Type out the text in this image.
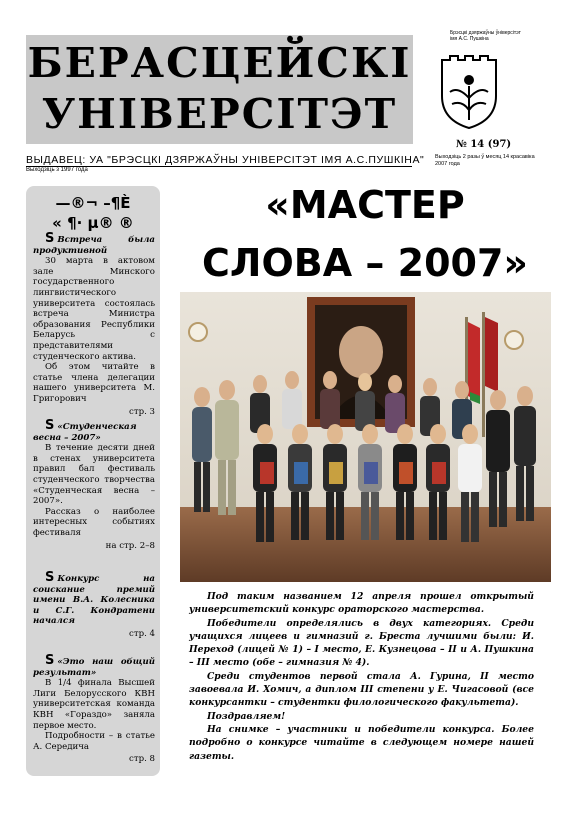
БЕРАСЦЕЙСКІ
УНІВЕРСІТЭТ
Брэсцкі дзяржаўны ўніверсітэт імя А.С. Пушкіна
№ 14 (97)
Выходзіць 2 разы ў месяц 14 красавіка 2007 года
ВЫДАВЕЦ: УА "БРЭСЦКІ ДЗЯРЖАЎНЫ УНІВЕРСІТЭТ ІМЯ А.С.ПУШКІНА"
Выходзіць з 1997 года
—®¬ –¶È
« ¶· µ® ®

S Встреча была продуктивной

30 марта в актовом зале Минского государственного лингвистического университета состоялась встреча Министра образования Республики Беларусь с представителями студенческого актива.

Об этом читайте в статье члена делегации нашего университета М. Григорович

стр. 3

S «Студенческая весна – 2007»

В течение десяти дней в стенах университета правил бал фестиваль студенческого творчества «Студенческая весна – 2007».

Рассказ о наиболее интересных событиях фестиваля

на стр. 2–8

S Конкурс на соискание премий имени В.А. Колесника и С.Г. Кондратени начался

стр. 4

S «Это наш общий результат»

В 1/4 финала Высшей Лиги Белорусского КВН университетская команда КВН «Гораздо» заняла первое место.

Подробности – в статье А. Середича

стр. 8

«МАСТЕР
СЛОВА – 2007»

Под таким названием 12 апреля прошел открытый университетский конкурс ораторского мастерства.

Победители определялись в двух категориях. Среди учащихся лицеев и гимназий г. Бреста лучшими были: И. Переход (лицей № 1) – I место, Е. Кузнецова – II и А. Пушкина – III место (обе – гимназия № 4).

Среди студентов первой стала А. Гурина, II место завоевала И. Хомич, а диплом III степени у Е. Чигасовой (все конкурсантки – студентки филологического факультета).

Поздравляем!

На снимке – участники и победители конкурса. Более подробно о конкурсе читайте в следующем номере нашей газеты.
